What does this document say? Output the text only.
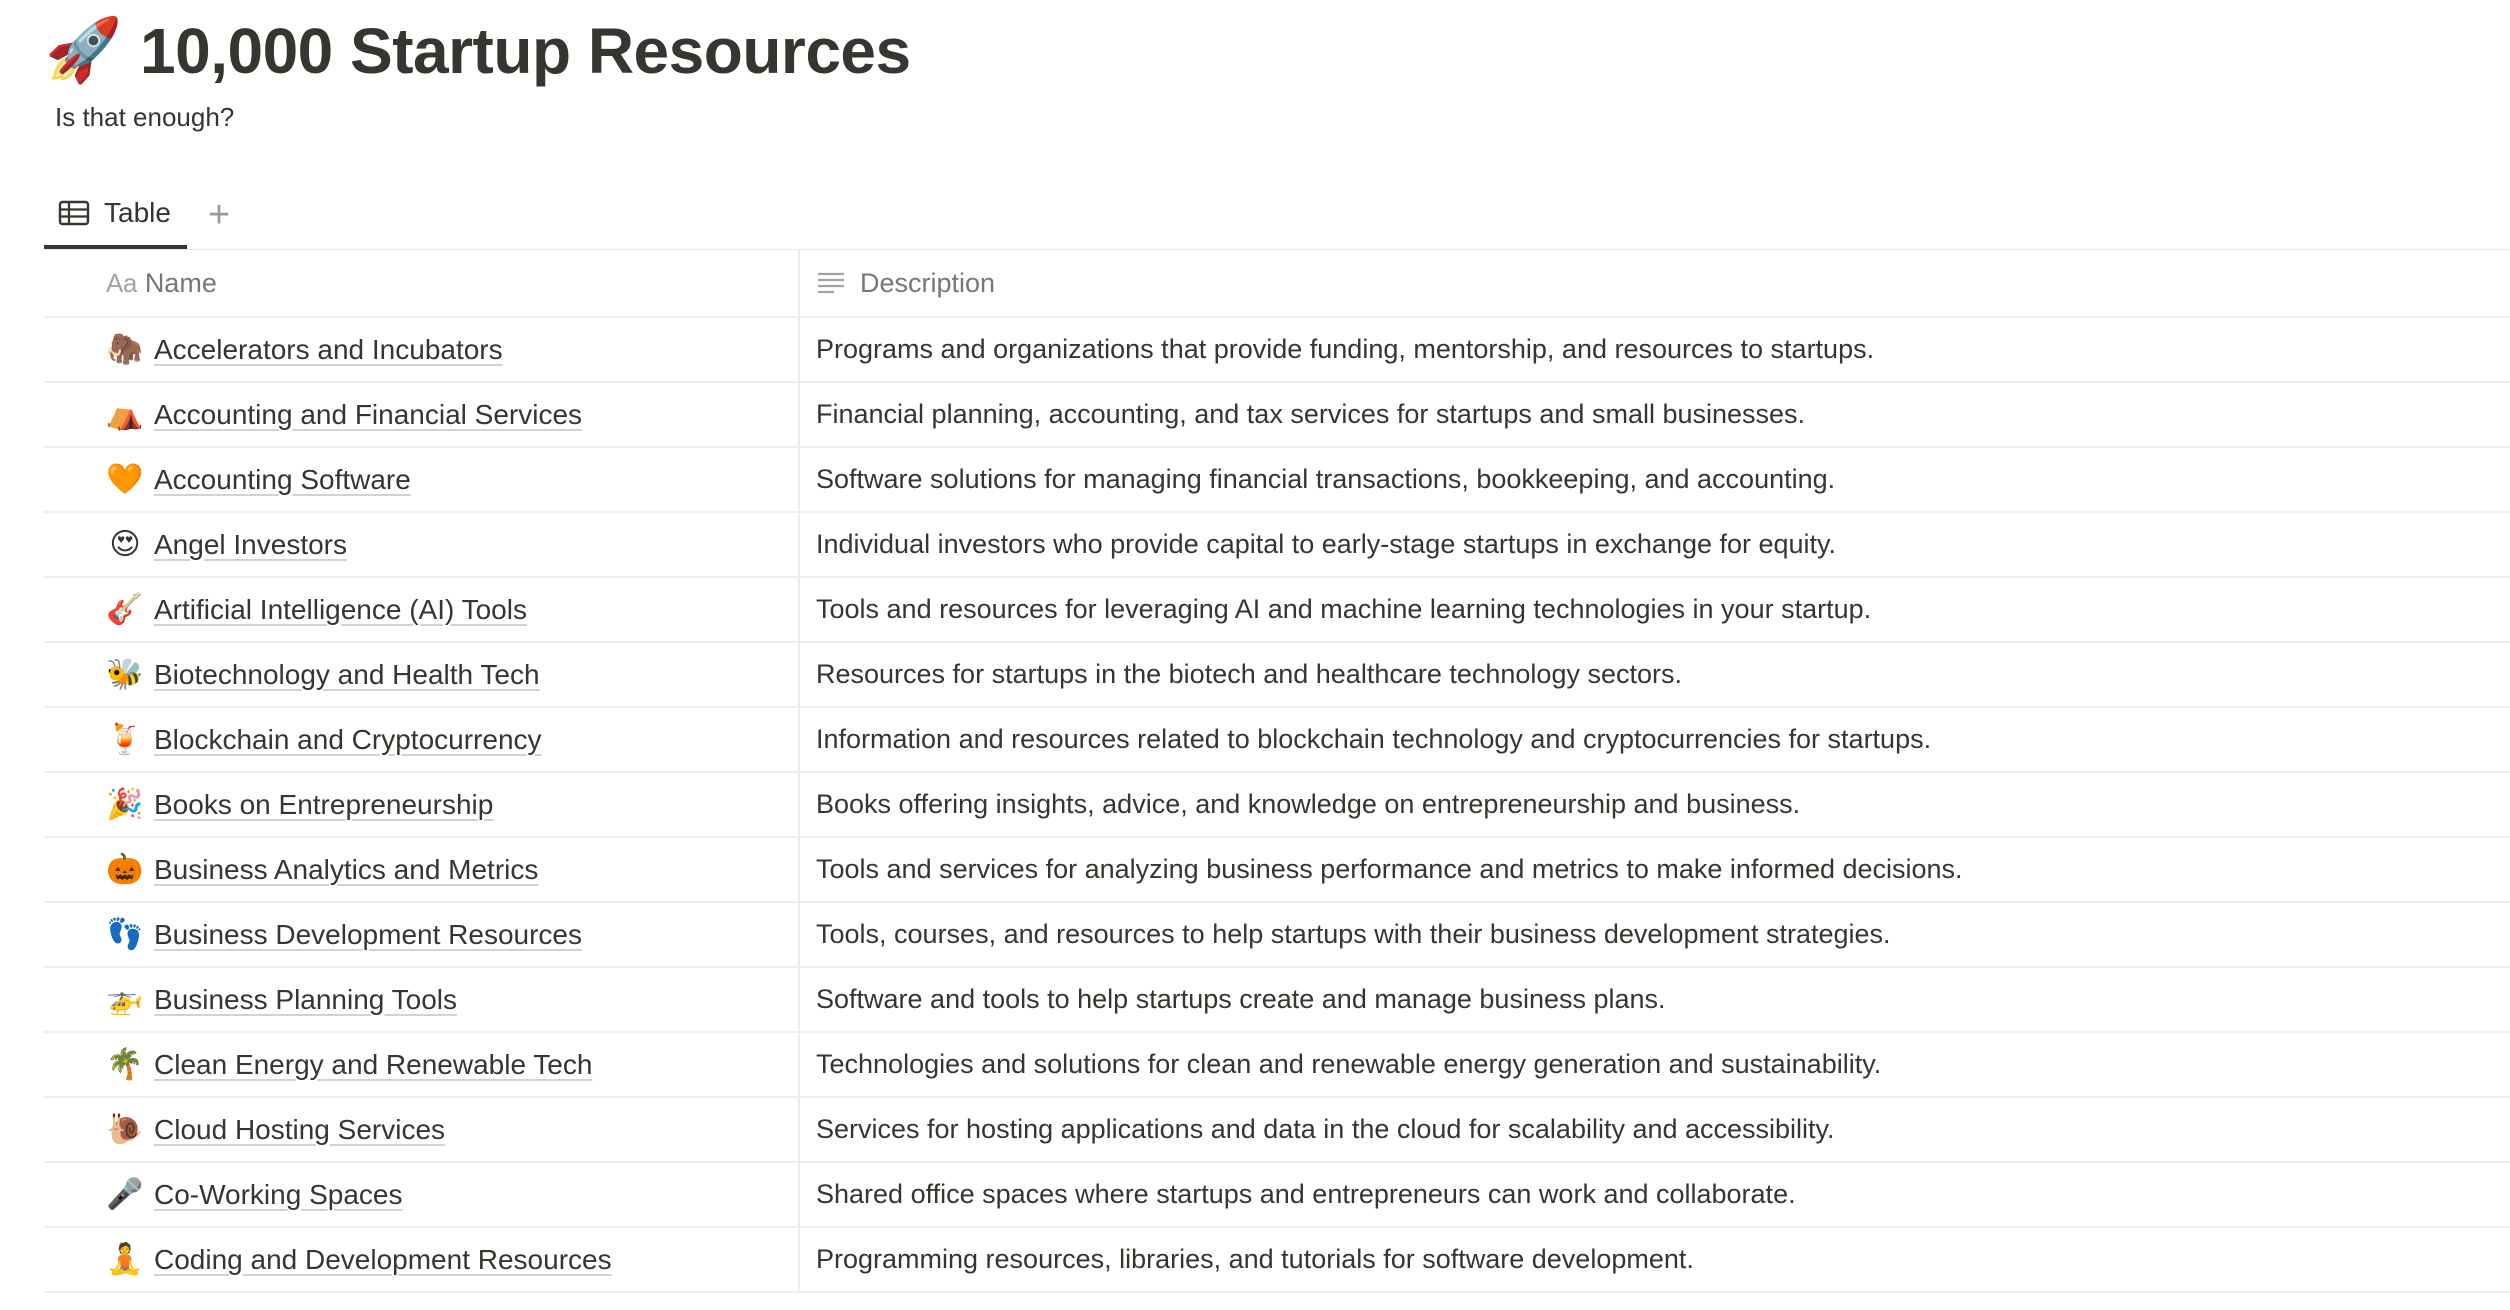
🚀 10,000 Startup Resources
Is that enough?
Table +
Aa Name	Description
🦣 Accelerators and Incubators	Programs and organizations that provide funding, mentorship, and resources to startups.
⛺ Accounting and Financial Services	Financial planning, accounting, and tax services for startups and small businesses.
🧡 Accounting Software	Software solutions for managing financial transactions, bookkeeping, and accounting.
😍 Angel Investors	Individual investors who provide capital to early-stage startups in exchange for equity.
🎸 Artificial Intelligence (AI) Tools	Tools and resources for leveraging AI and machine learning technologies in your startup.
🐝 Biotechnology and Health Tech	Resources for startups in the biotech and healthcare technology sectors.
🍹 Blockchain and Cryptocurrency	Information and resources related to blockchain technology and cryptocurrencies for startups.
🎉 Books on Entrepreneurship	Books offering insights, advice, and knowledge on entrepreneurship and business.
🎃 Business Analytics and Metrics	Tools and services for analyzing business performance and metrics to make informed decisions.
👣 Business Development Resources	Tools, courses, and resources to help startups with their business development strategies.
🚁 Business Planning Tools	Software and tools to help startups create and manage business plans.
🌴 Clean Energy and Renewable Tech	Technologies and solutions for clean and renewable energy generation and sustainability.
🐌 Cloud Hosting Services	Services for hosting applications and data in the cloud for scalability and accessibility.
🎤 Co-Working Spaces	Shared office spaces where startups and entrepreneurs can work and collaborate.
🧘 Coding and Development Resources	Programming resources, libraries, and tutorials for software development.
